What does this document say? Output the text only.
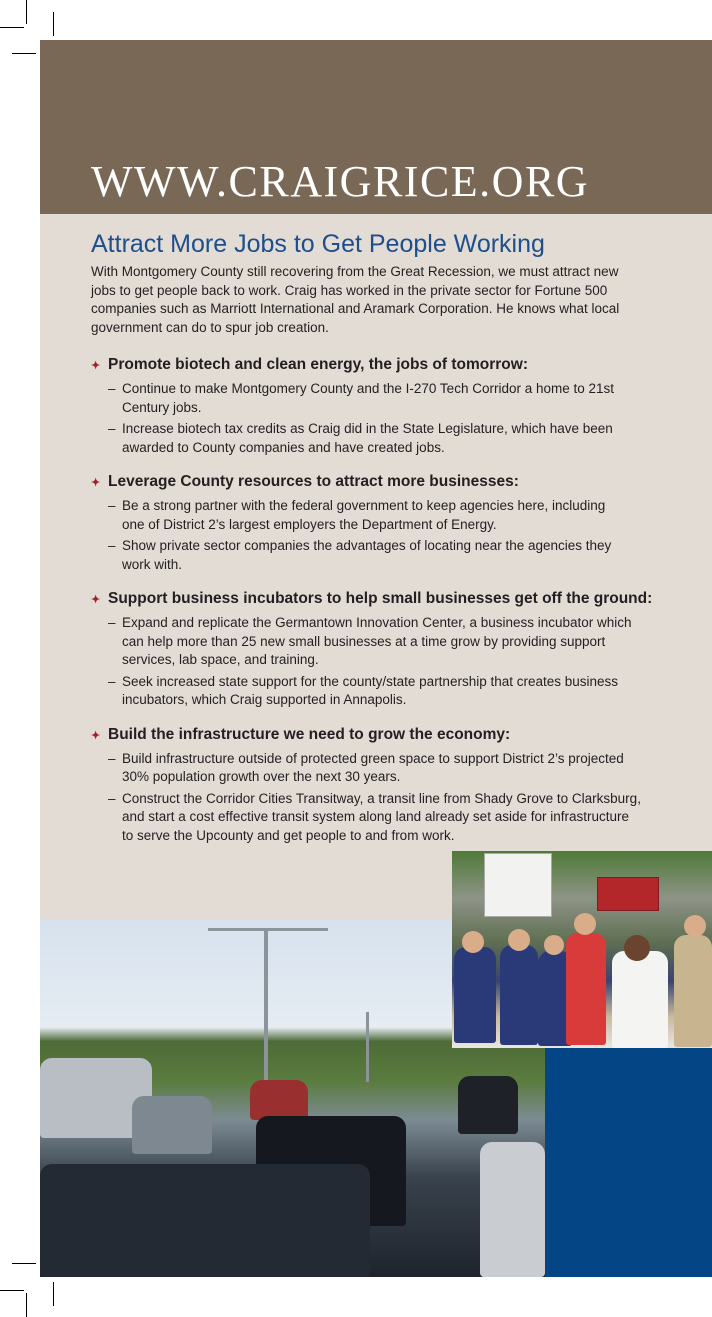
WWW.CRAIGRICE.ORG
Attract More Jobs to Get People Working

With Montgomery County still recovering from the Great Recession, we must attract new
jobs to get people back to work. Craig has worked in the private sector for Fortune 500
companies such as Marriott International and Aramark Corporation. He knows what local
government can do to spur job creation.

✦ Promote biotech and clean energy, the jobs of tomorrow:
– Continue to make Montgomery County and the I-270 Tech Corridor a home to 21st
Century jobs.
– Increase biotech tax credits as Craig did in the State Legislature, which have been
awarded to County companies and have created jobs.
✦ Leverage County resources to attract more businesses:
– Be a strong partner with the federal government to keep agencies here, including
one of District 2’s largest employers the Department of Energy.
– Show private sector companies the advantages of locating near the agencies they
work with.
✦ Support business incubators to help small businesses get off the ground:
– Expand and replicate the Germantown Innovation Center, a business incubator which
can help more than 25 new small businesses at a time grow by providing support
services, lab space, and training.
– Seek increased state support for the county/state partnership that creates business
incubators, which Craig supported in Annapolis.
✦ Build the infrastructure we need to grow the economy:
– Build infrastructure outside of protected green space to support District 2’s projected
30% population growth over the next 30 years.
– Construct the Corridor Cities Transitway, a transit line from Shady Grove to Clarksburg,
and start a cost effective transit system along land already set aside for infrastructure
to serve the Upcounty and get people to and from work.
